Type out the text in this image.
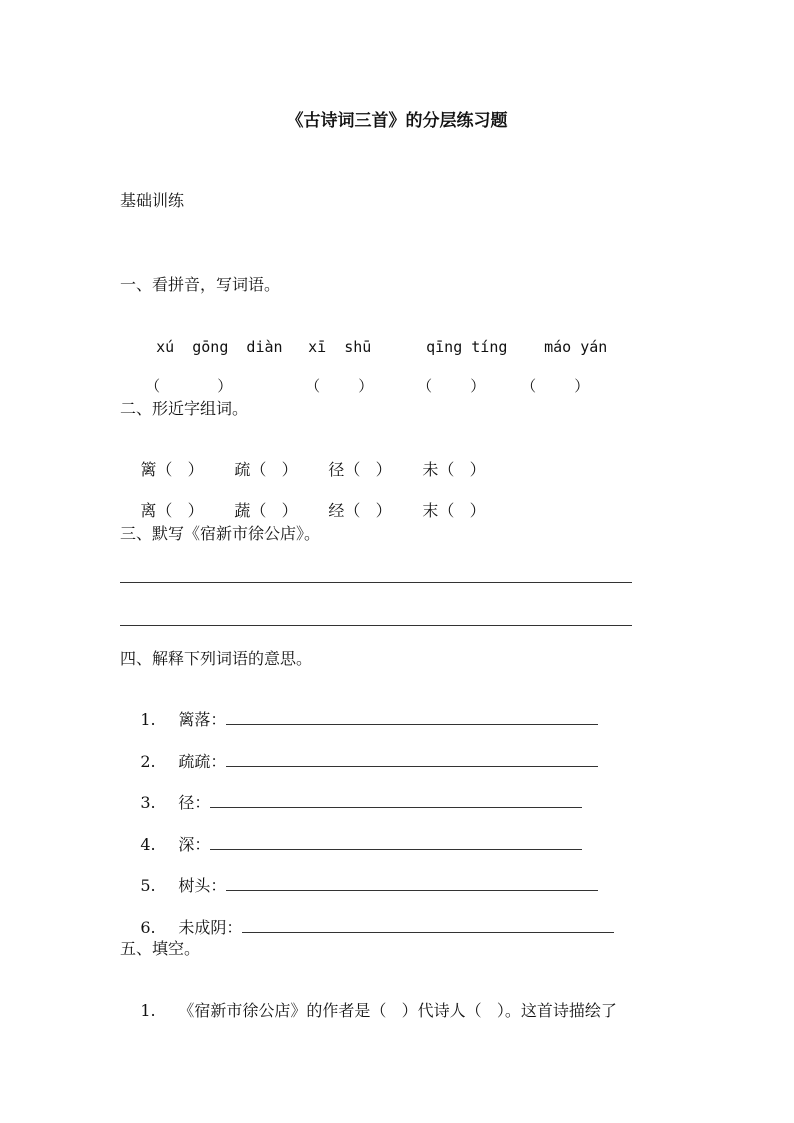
《古诗词三首》的分层练习题
基础训练
一、看拼音，写词语。

xú  gōng  diàn xī  shū	qīng tíng máo yán

（            ）	（        ）	（        ） （        ）

二、形近字组词。

篱（   ） 疏（   ） 径（   ） 未（   ）

离（   ） 蔬（   ） 经（   ） 末（   ）

三、默写《宿新市徐公店》。
四、解释下列词语的意思。

1. 篱落：

2. 疏疏：

3. 径：

4. 深：

5. 树头：

6. 未成阴：

五、填空。

1. 《宿新市徐公店》的作者是（   ）代诗人（   ）。这首诗描绘了
